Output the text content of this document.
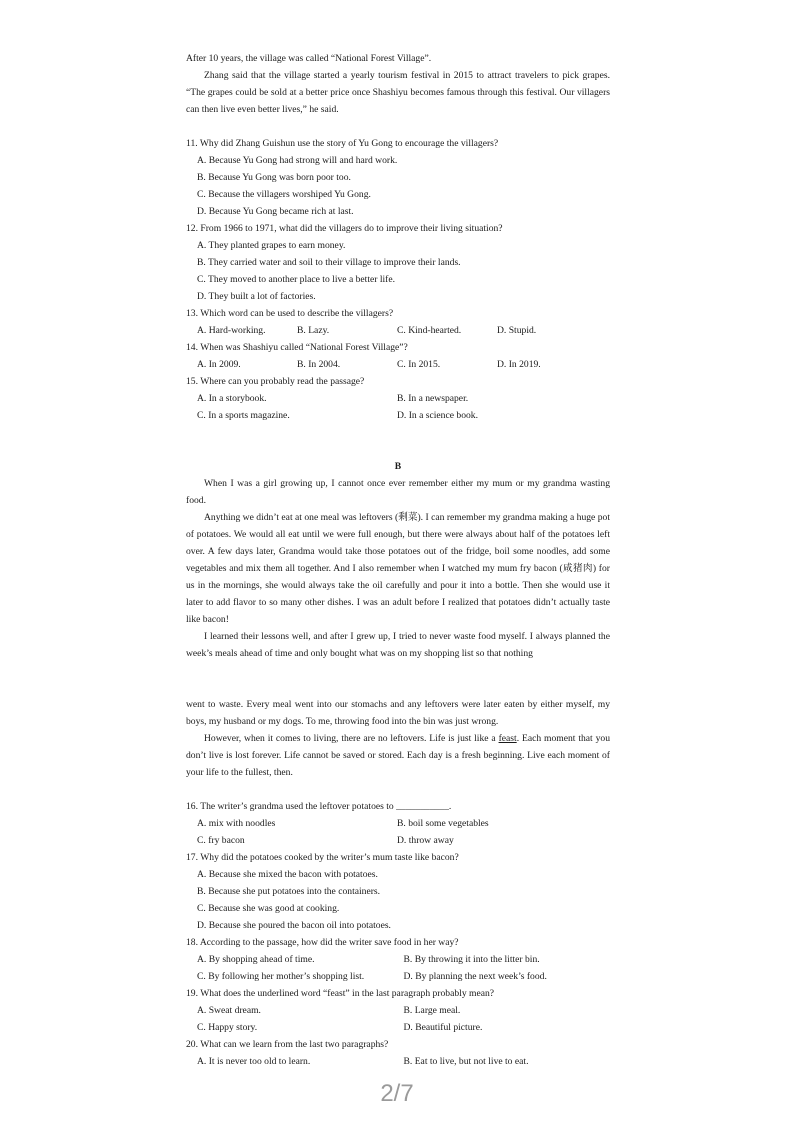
After 10 years, the village was called “National Forest Village”.

Zhang said that the village started a yearly tourism festival in 2015 to attract travelers to pick grapes. “The grapes could be sold at a better price once Shashiyu becomes famous through this festival. Our villagers can then live even better lives,” he said.

11. Why did Zhang Guishun use the story of Yu Gong to encourage the villagers?

A. Because Yu Gong had strong will and hard work.

B. Because Yu Gong was born poor too.

C. Because the villagers worshiped Yu Gong.

D. Because Yu Gong became rich at last.

12. From 1966 to 1971, what did the villagers do to improve their living situation?

A. They planted grapes to earn money.

B. They carried water and soil to their village to improve their lands.

C. They moved to another place to live a better life.

D. They built a lot of factories.

13. Which word can be used to describe the villagers?

A. Hard-working.	B. Lazy.	C. Kind-hearted.	D. Stupid.

14. When was Shashiyu called “National Forest Village”?

A. In 2009.	B. In 2004.	C. In 2015.	D. In 2019.

15. Where can you probably read the passage?

A. In a storybook.	B. In a newspaper.
C. In a sports magazine.	D. In a science book.

B

When I was a girl growing up, I cannot once ever remember either my mum or my grandma wasting food.

Anything we didn’t eat at one meal was leftovers (剩菜). I can remember my grandma making a huge pot of potatoes. We would all eat until we were full enough, but there were always about half of the potatoes left over. A few days later, Grandma would take those potatoes out of the fridge, boil some noodles, add some vegetables and mix them all together. And I also remember when I watched my mum fry bacon (咸猪肉) for us in the mornings, she would always take the oil carefully and pour it into a bottle. Then she would use it later to add flavor to so many other dishes. I was an adult before I realized that potatoes didn’t actually taste like bacon!

I learned their lessons well, and after I grew up, I tried to never waste food myself. I always planned the week’s meals ahead of time and only bought what was on my shopping list so that nothing

went to waste. Every meal went into our stomachs and any leftovers were later eaten by either myself, my boys, my husband or my dogs. To me, throwing food into the bin was just wrong.

However, when it comes to living, there are no leftovers. Life is just like a feast. Each moment that you don’t live is lost forever. Life cannot be saved or stored. Each day is a fresh beginning. Live each moment of your life to the fullest, then.

16. The writer’s grandma used the leftover potatoes to ___________.

A. mix with noodles	B. boil some vegetables
C. fry bacon	D. throw away

17. Why did the potatoes cooked by the writer’s mum taste like bacon?

A. Because she mixed the bacon with potatoes.

B. Because she put potatoes into the containers.

C. Because she was good at cooking.

D. Because she poured the bacon oil into potatoes.

18. According to the passage, how did the writer save food in her way?

A. By shopping ahead of time.	B. By throwing it into the litter bin.
C. By following her mother’s shopping list.	D. By planning the next week’s food.

19. What does the underlined word “feast” in the last paragraph probably mean?

A. Sweat dream.	B. Large meal.
C. Happy story.	D. Beautiful picture.

20. What can we learn from the last two paragraphs?

A. It is never too old to learn.	B. Eat to live, but not live to eat.
2/7
